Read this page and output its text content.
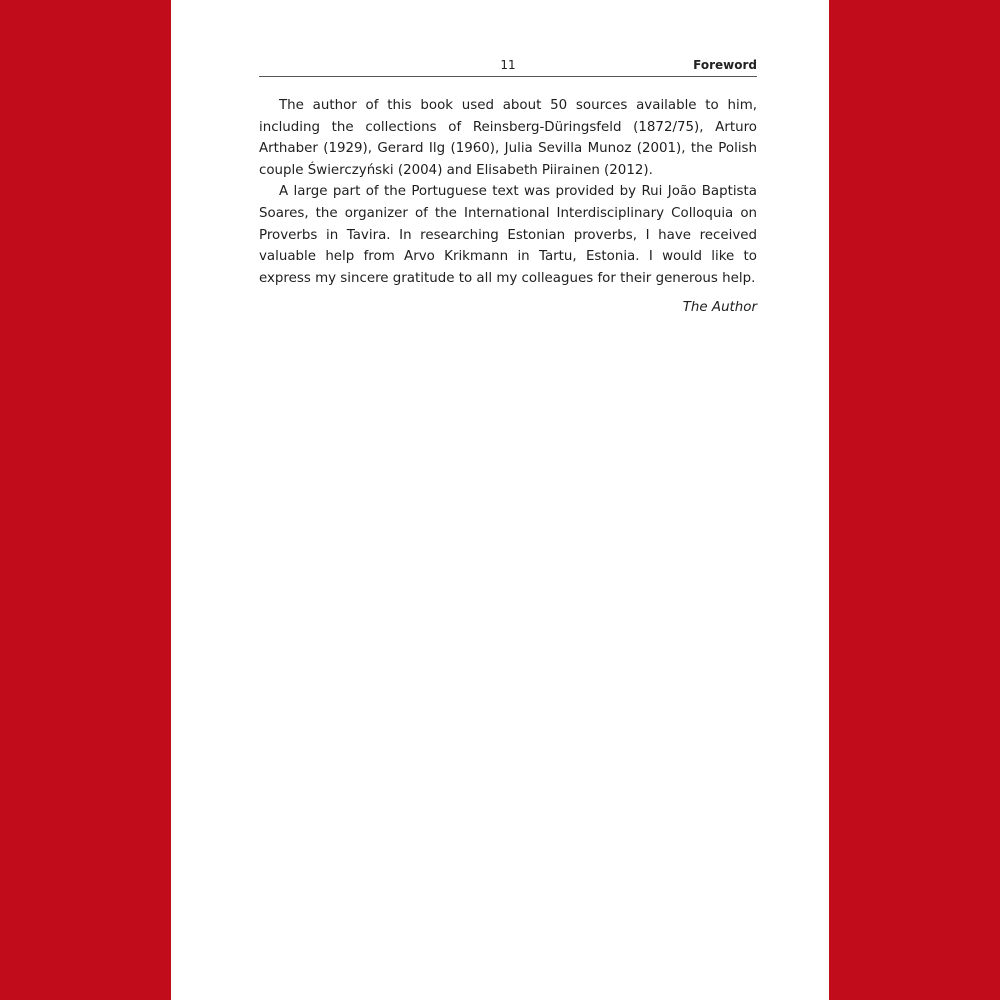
11	Foreword

The author of this book used about 50 sources available to him, including the collections of Reinsberg-Düringsfeld (1872/75), Arturo Arthaber (1929), Gerard Ilg (1960), Julia Sevilla Munoz (2001), the Polish couple Świerczyński (2004) and Elisabeth Piirainen (2012).

A large part of the Portuguese text was provided by Rui João Baptista Soares, the organizer of the International Interdisciplinary Colloquia on Proverbs in Tavira. In researching Estonian proverbs, I have received valuable help from Arvo Krikmann in Tartu, Estonia. I would like to express my sincere gratitude to all my colleagues for their generous help.

The Author
